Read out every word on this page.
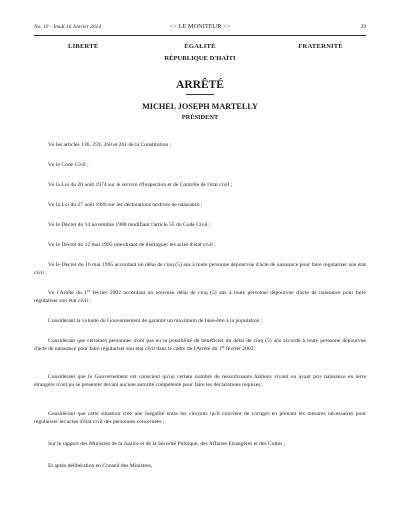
No. 10 - Jeudi 16 Janvier 2014	<< LE MONITEUR >>	29
LIBERTÉ	ÉGALITÉ	FRATERNITÉ
RÉPUBLIQUE D'HAÏTI
ARRÊTÉ
MICHEL JOSEPH MARTELLY
PRÉSIDENT
Vu les articles 136, 259, 260 et 261 de la Constitution ;
Vu le Code Civil ;
Vu la Loi du 20 août 1974 sur le service d'Inspection et de Contrôle de l'état civil ;
Vu la Loi du 27 août 1980 sur les déclarations tardives de naissance ;
Vu le Décret du 14 novembre 1988 modifiant l'article 55 du Code Civil ;
Vu le Décret du 12 mai 1995 interdisant de distinguer les actes d'état civil ;
Vu le Décret du 16 mai 1995 accordant un délai de cinq (5) ans à toute personne dépourvue d'acte de naissance pour faire régulariser son état civil ;
Vu l'Arrêté du 1er février 2002 accordant un nouveau délai de cinq (5) ans à toute personne dépourvue d'acte de naissance pour faire régulariser son état civil ;
Considérant la volonté du Gouvernement de garantir un maximum de bien-être à la population ;
Considérant que certaines personnes n'ont pas eu la possibilité de bénéficier du délai de cinq (5) ans accordé à toute personne dépourvue d'acte de naissance pour faire régulariser son état civil dans le cadre de l'Arrêté du 1er février 2002;
Considérant que le Gouvernement est conscient qu'un certain nombre de ressortissants haïtiens vivant ou ayant pris naissance en terre étrangère n'ont pu se présenter devant aucune autorité compétente pour faire les déclarations requises;
Considérant que cette situation crée une inégalité entre les citoyens qu'il convient de corriger en prenant les mesures nécessaires pour régulariser les actes d'état civil des personnes concernées ;
Sur le rapport des Ministres de la Justice et de la Sécurité Publique, des Affaires Etrangères et des Cultes ;
Et après délibération en Conseil des Ministres,
